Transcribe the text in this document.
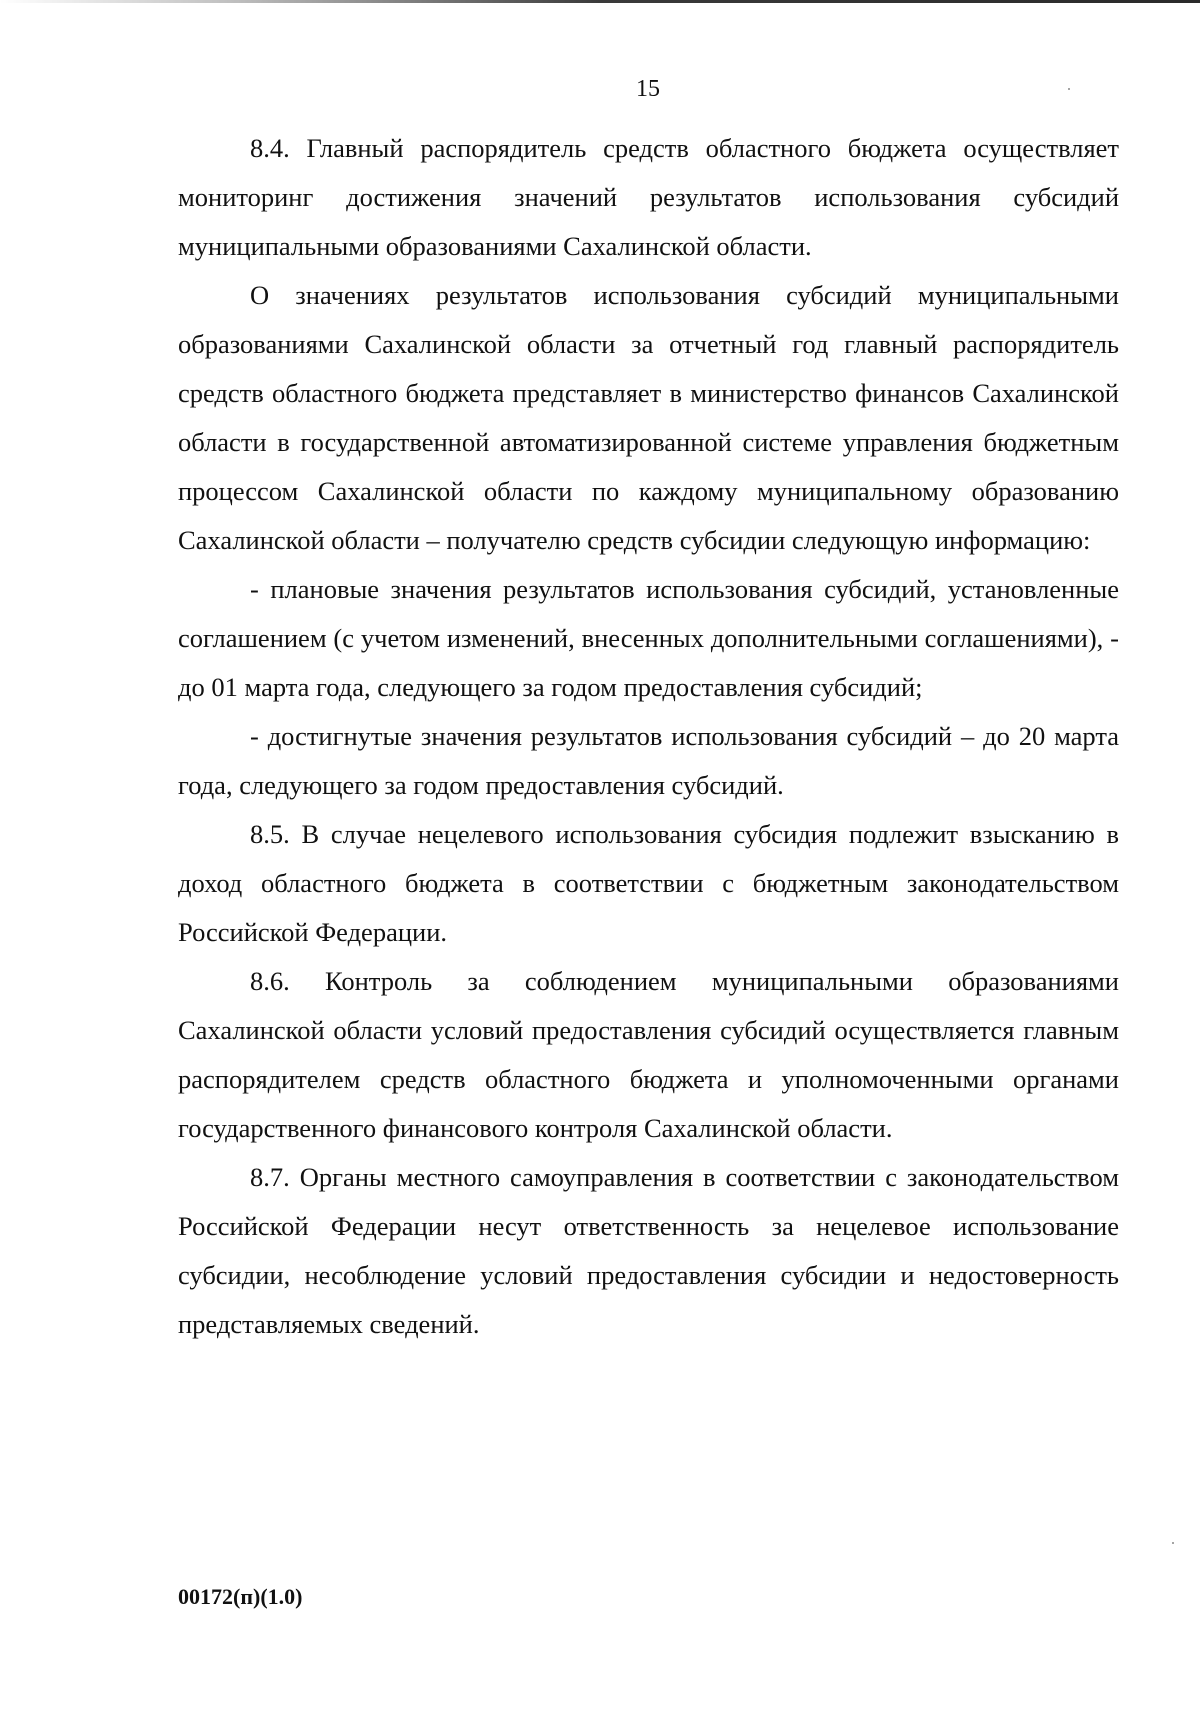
15

8.4. Главный распорядитель средств областного бюджета осуществляет мониторинг достижения значений результатов использования субсидий муниципальными образованиями Сахалинской области.

О значениях результатов использования субсидий муниципальными образованиями Сахалинской области за отчетный год главный распорядитель средств областного бюджета представляет в министерство финансов Сахалинской области в государственной автоматизированной системе управления бюджетным процессом Сахалинской области по каждому муниципальному образованию Сахалинской области – получателю средств субсидии следующую информацию:

- плановые значения результатов использования субсидий, установленные соглашением (с учетом изменений, внесенных дополнительными соглашениями), - до 01 марта года, следующего за годом предоставления субсидий;

- достигнутые значения результатов использования субсидий – до 20 марта года, следующего за годом предоставления субсидий.

8.5. В случае нецелевого использования субсидия подлежит взысканию в доход областного бюджета в соответствии с бюджетным законодательством Российской Федерации.

8.6. Контроль за соблюдением муниципальными образованиями Сахалинской области условий предоставления субсидий осуществляется главным распорядителем средств областного бюджета и уполномоченными органами государственного финансового контроля Сахалинской области.

8.7. Органы местного самоуправления в соответствии с законодательством Российской Федерации несут ответственность за нецелевое использование субсидии, несоблюдение условий предоставления субсидии и недостоверность представляемых сведений.

00172(п)(1.0)
